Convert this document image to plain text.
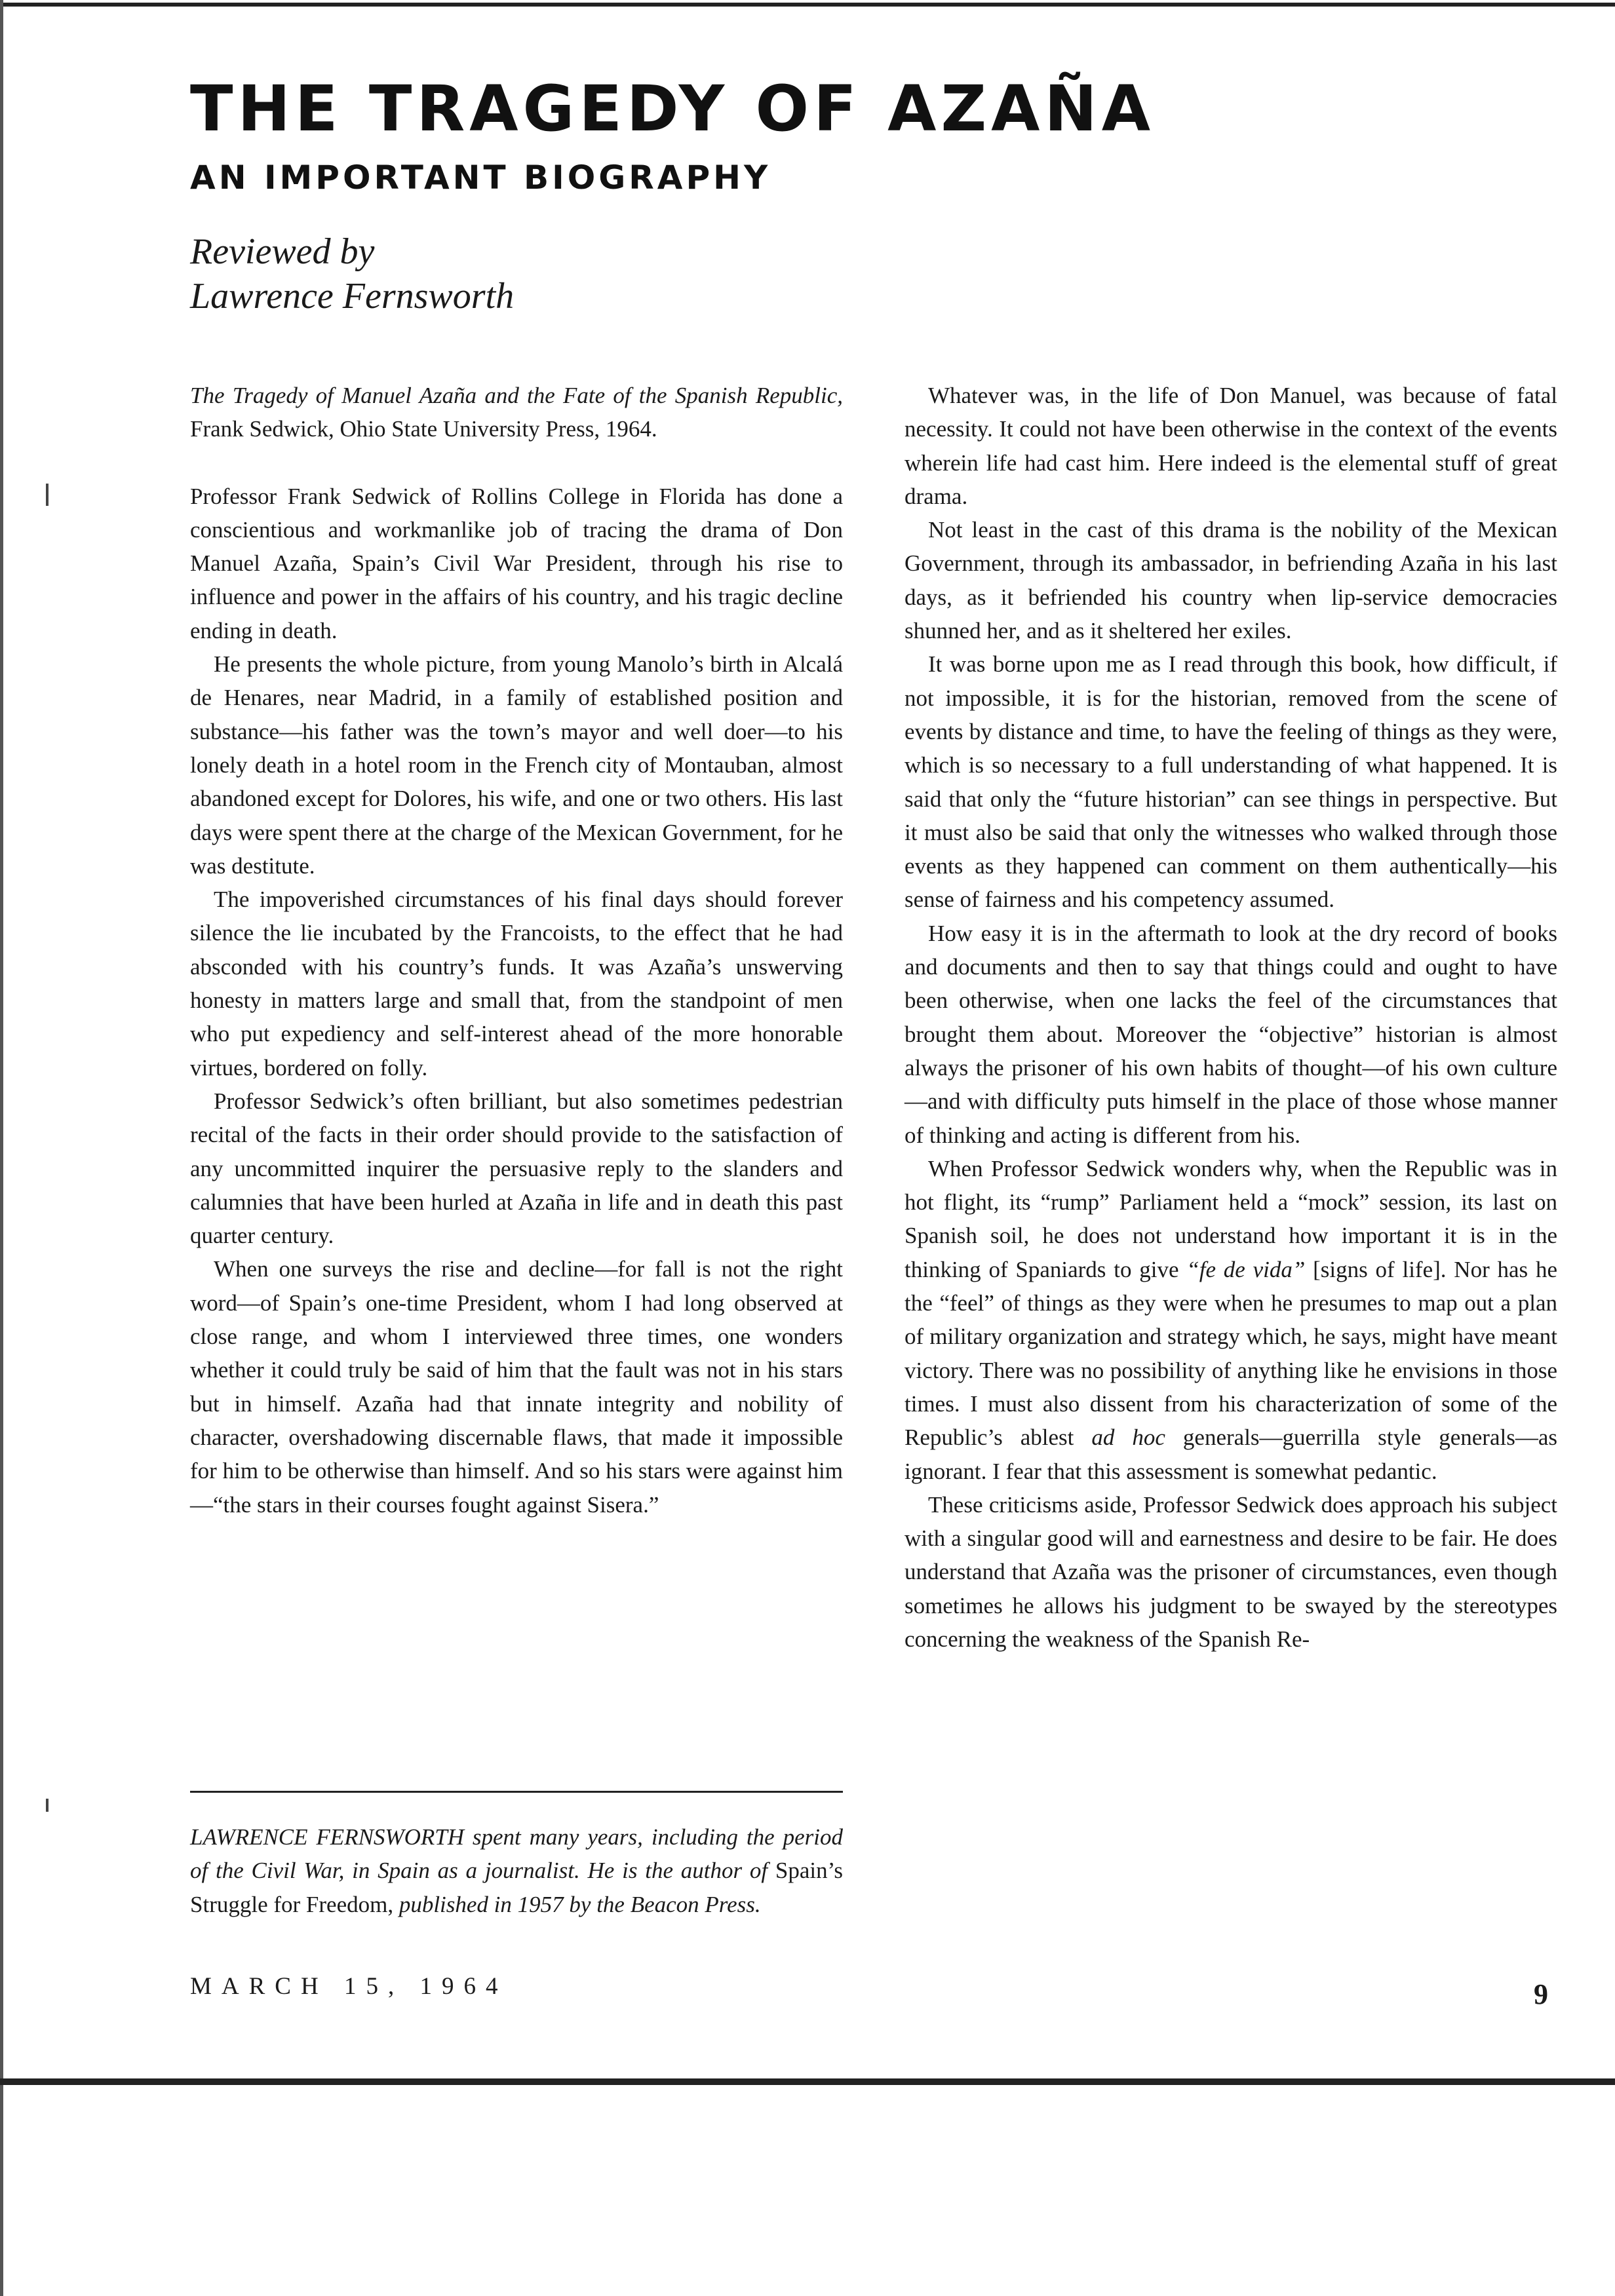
THE TRAGEDY OF AZAÑA
AN IMPORTANT BIOGRAPHY
Reviewed by
Lawrence Fernsworth

The Tragedy of Manuel Azaña and the Fate of the Spanish Republic, Frank Sedwick, Ohio State University Press, 1964.

Professor Frank Sedwick of Rollins College in Florida has done a conscientious and workmanlike job of tracing the drama of Don Manuel Azaña, Spain’s Civil War President, through his rise to influence and power in the affairs of his country, and his tragic decline ending in death.

He presents the whole picture, from young Manolo’s birth in Alcalá de Henares, near Madrid, in a family of established position and substance—his father was the town’s mayor and well doer—to his lonely death in a hotel room in the French city of Montauban, almost abandoned except for Dolores, his wife, and one or two others. His last days were spent there at the charge of the Mexican Government, for he was destitute.

The impoverished circumstances of his final days should forever silence the lie incubated by the Francoists, to the effect that he had absconded with his country’s funds. It was Azaña’s unswerving honesty in matters large and small that, from the standpoint of men who put expediency and self-interest ahead of the more honorable virtues, bordered on folly.

Professor Sedwick’s often brilliant, but also sometimes pedestrian recital of the facts in their order should provide to the satisfaction of any uncommitted inquirer the persuasive reply to the slanders and calumnies that have been hurled at Azaña in life and in death this past quarter century.

When one surveys the rise and decline—for fall is not the right word—of Spain’s one-time President, whom I had long observed at close range, and whom I interviewed three times, one wonders whether it could truly be said of him that the fault was not in his stars but in himself. Azaña had that innate integrity and nobility of character, overshadowing discernable flaws, that made it impossible for him to be otherwise than himself. And so his stars were against him—“the stars in their courses fought against Sisera.”

LAWRENCE FERNSWORTH spent many years, including the period of the Civil War, in Spain as a journalist. He is the author of Spain’s Struggle for Freedom, published in 1957 by the Beacon Press.

Whatever was, in the life of Don Manuel, was because of fatal necessity. It could not have been otherwise in the context of the events wherein life had cast him. Here indeed is the elemental stuff of great drama.

Not least in the cast of this drama is the nobility of the Mexican Government, through its ambassador, in befriending Azaña in his last days, as it befriended his country when lip-service democracies shunned her, and as it sheltered her exiles.

It was borne upon me as I read through this book, how difficult, if not impossible, it is for the historian, removed from the scene of events by distance and time, to have the feeling of things as they were, which is so necessary to a full understanding of what happened. It is said that only the “future historian” can see things in perspective. But it must also be said that only the witnesses who walked through those events as they happened can comment on them authentically—his sense of fairness and his competency assumed.

How easy it is in the aftermath to look at the dry record of books and documents and then to say that things could and ought to have been otherwise, when one lacks the feel of the circumstances that brought them about. Moreover the “objective” historian is almost always the prisoner of his own habits of thought—of his own culture—and with difficulty puts himself in the place of those whose manner of thinking and acting is different from his.

When Professor Sedwick wonders why, when the Republic was in hot flight, its “rump” Parliament held a “mock” session, its last on Spanish soil, he does not understand how important it is in the thinking of Spaniards to give “fe de vida” [signs of life]. Nor has he the “feel” of things as they were when he presumes to map out a plan of military organization and strategy which, he says, might have meant victory. There was no possibility of anything like he envisions in those times. I must also dissent from his characterization of some of the Republic’s ablest ad hoc generals—guerrilla style generals—as ignorant. I fear that this assessment is somewhat pedantic.

These criticisms aside, Professor Sedwick does approach his subject with a singular good will and earnestness and desire to be fair. He does understand that Azaña was the prisoner of circumstances, even though sometimes he allows his judgment to be swayed by the stereotypes concerning the weakness of the Spanish Re-

MARCH 15, 1964	9
